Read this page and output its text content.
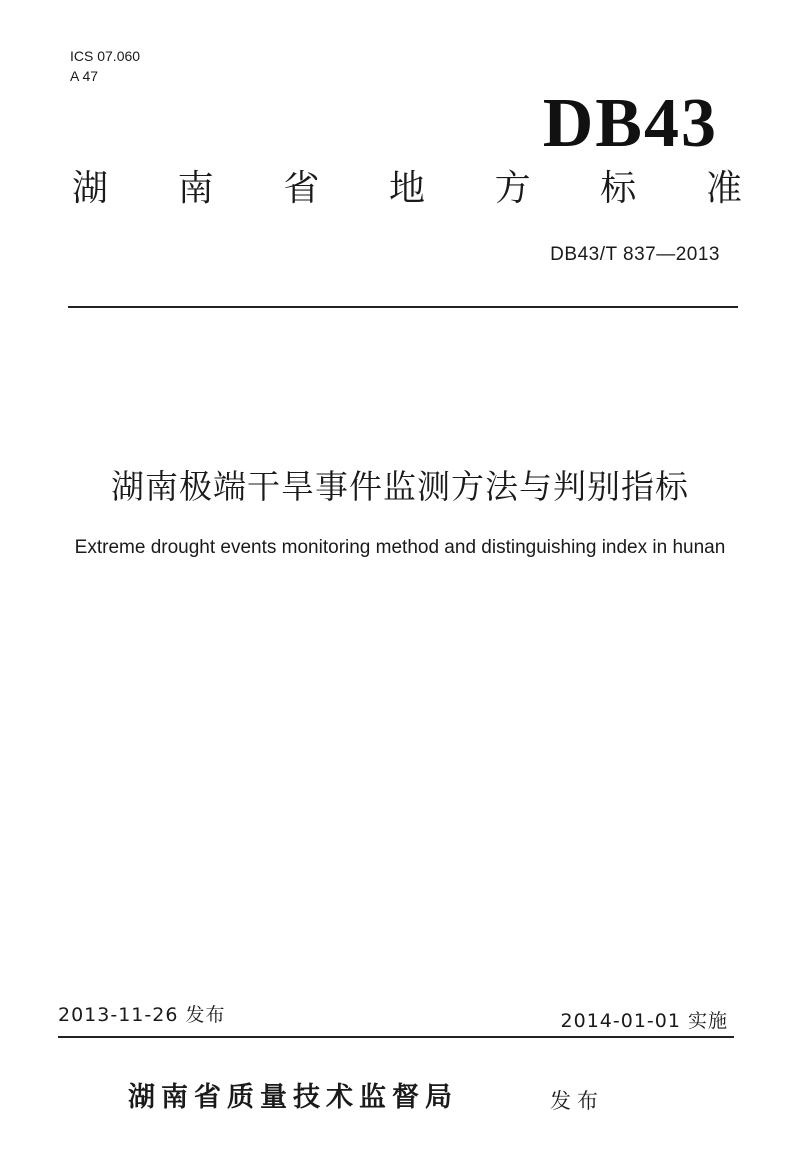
ICS 07.060
A 47
DB43
湖 南 省 地 方 标 准
DB43/T 837—2013
湖南极端干旱事件监测方法与判别指标
Extreme drought events monitoring method and distinguishing index in hunan
2013-11-26 发布	2014-01-01 实施
湖南省质量技术监督局	发布
